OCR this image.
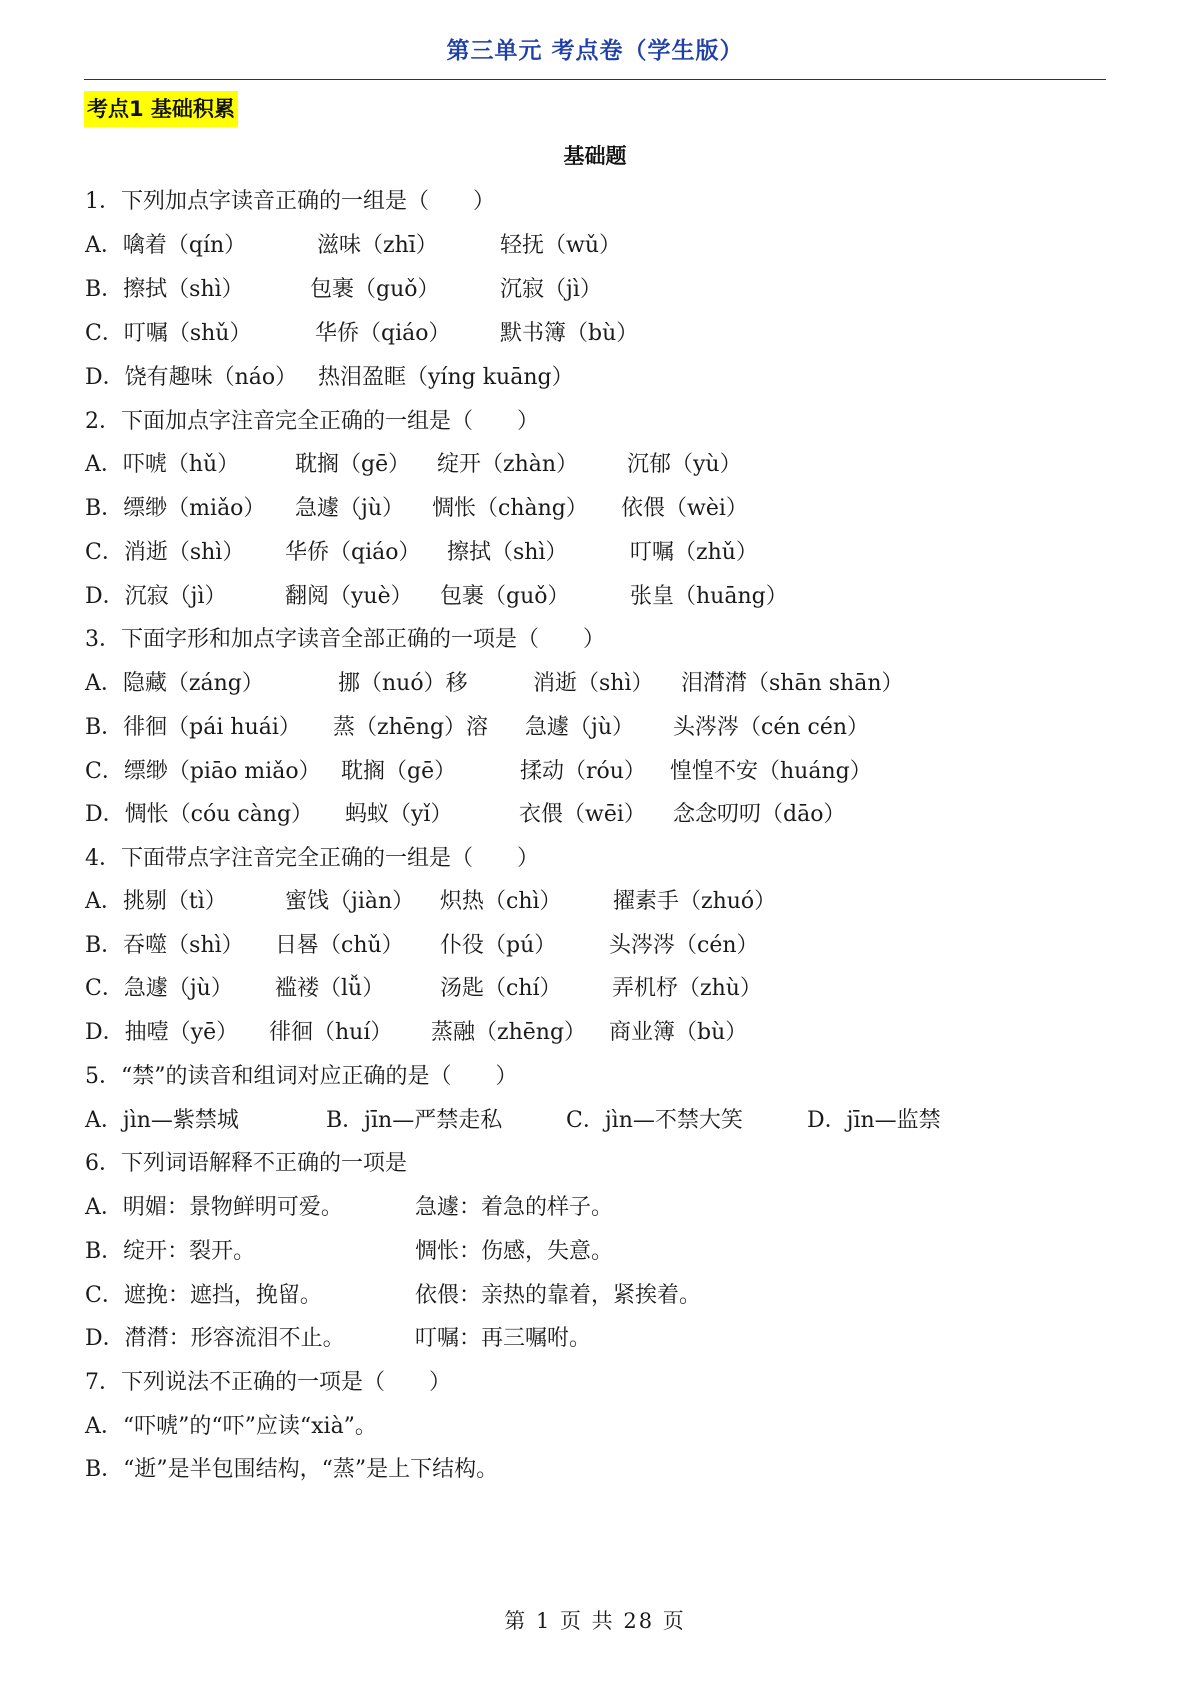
第三单元 考点卷（学生版）
考点1 基础积累
基础题
1．下列加点字读音正确的一组是（　　）
A．噙着（qín）	滋味（zhī）	轻抚（wǔ）
B．擦拭（shì）	包裹（guǒ）	沉寂（jì）
C．叮嘱（shǔ）	华侨（qiáo） 默书簿（bù）
D．饶有趣味（náo） 热泪盈眶（yíng kuāng）
2．下面加点字注音完全正确的一组是（　　）
A．吓唬（hǔ）	耽搁（gē） 绽开（zhàn） 沉郁（yù）
B．缥缈（miǎo） 急遽（jù） 惆怅（chàng） 依偎（wèi）
C．消逝（shì） 华侨（qiáo） 擦拭（shì）	叮嘱（zhǔ）
D．沉寂（jì）	翻阅（yuè） 包裹（guǒ）	张皇（huāng）
3．下面字形和加点字读音全部正确的一项是（　　）
A．隐藏（záng）	挪（nuó）移	消逝（shì） 泪潸潸（shān shān）
B．徘徊（pái huái） 蒸（zhēng）溶 急遽（jù） 头涔涔（cén cén）
C．缥缈（piāo miǎo） 耽搁（gē）	揉动（róu） 惶惶不安（huáng）
D．惆怅（cóu càng） 蚂蚁（yǐ）	衣偎（wēi） 念念叨叨（dāo）
4．下面带点字注音完全正确的一组是（　　）
A．挑剔（tì）	蜜饯（jiàn） 炽热（chì） 擢素手（zhuó）
B．吞噬（shì） 日晷（chǔ） 仆役（pú） 头涔涔（cén）
C．急遽（jù） 褴褛（lǚ）	汤匙（chí） 弄机杼（zhù）
D．抽噎（yē） 徘徊（huí） 蒸融（zhēng） 商业簿（bù）
5．“禁”的读音和组词对应正确的是（　　）
A．jìn—紫禁城	B．jīn—严禁走私	C．jìn—不禁大笑	D．jīn—监禁
6．下列词语解释不正确的一项是
A．明媚：景物鲜明可爱。	急遽：着急的样子。
B．绽开：裂开。	惆怅：伤感，失意。
C．遮挽：遮挡，挽留。	依偎：亲热的靠着，紧挨着。
D．潸潸：形容流泪不止。	叮嘱：再三嘱咐。
7．下列说法不正确的一项是（　　）
A．“吓唬”的“吓”应读“xià”。
B．“逝”是半包围结构，“蒸”是上下结构。
第 1 页 共 28 页
